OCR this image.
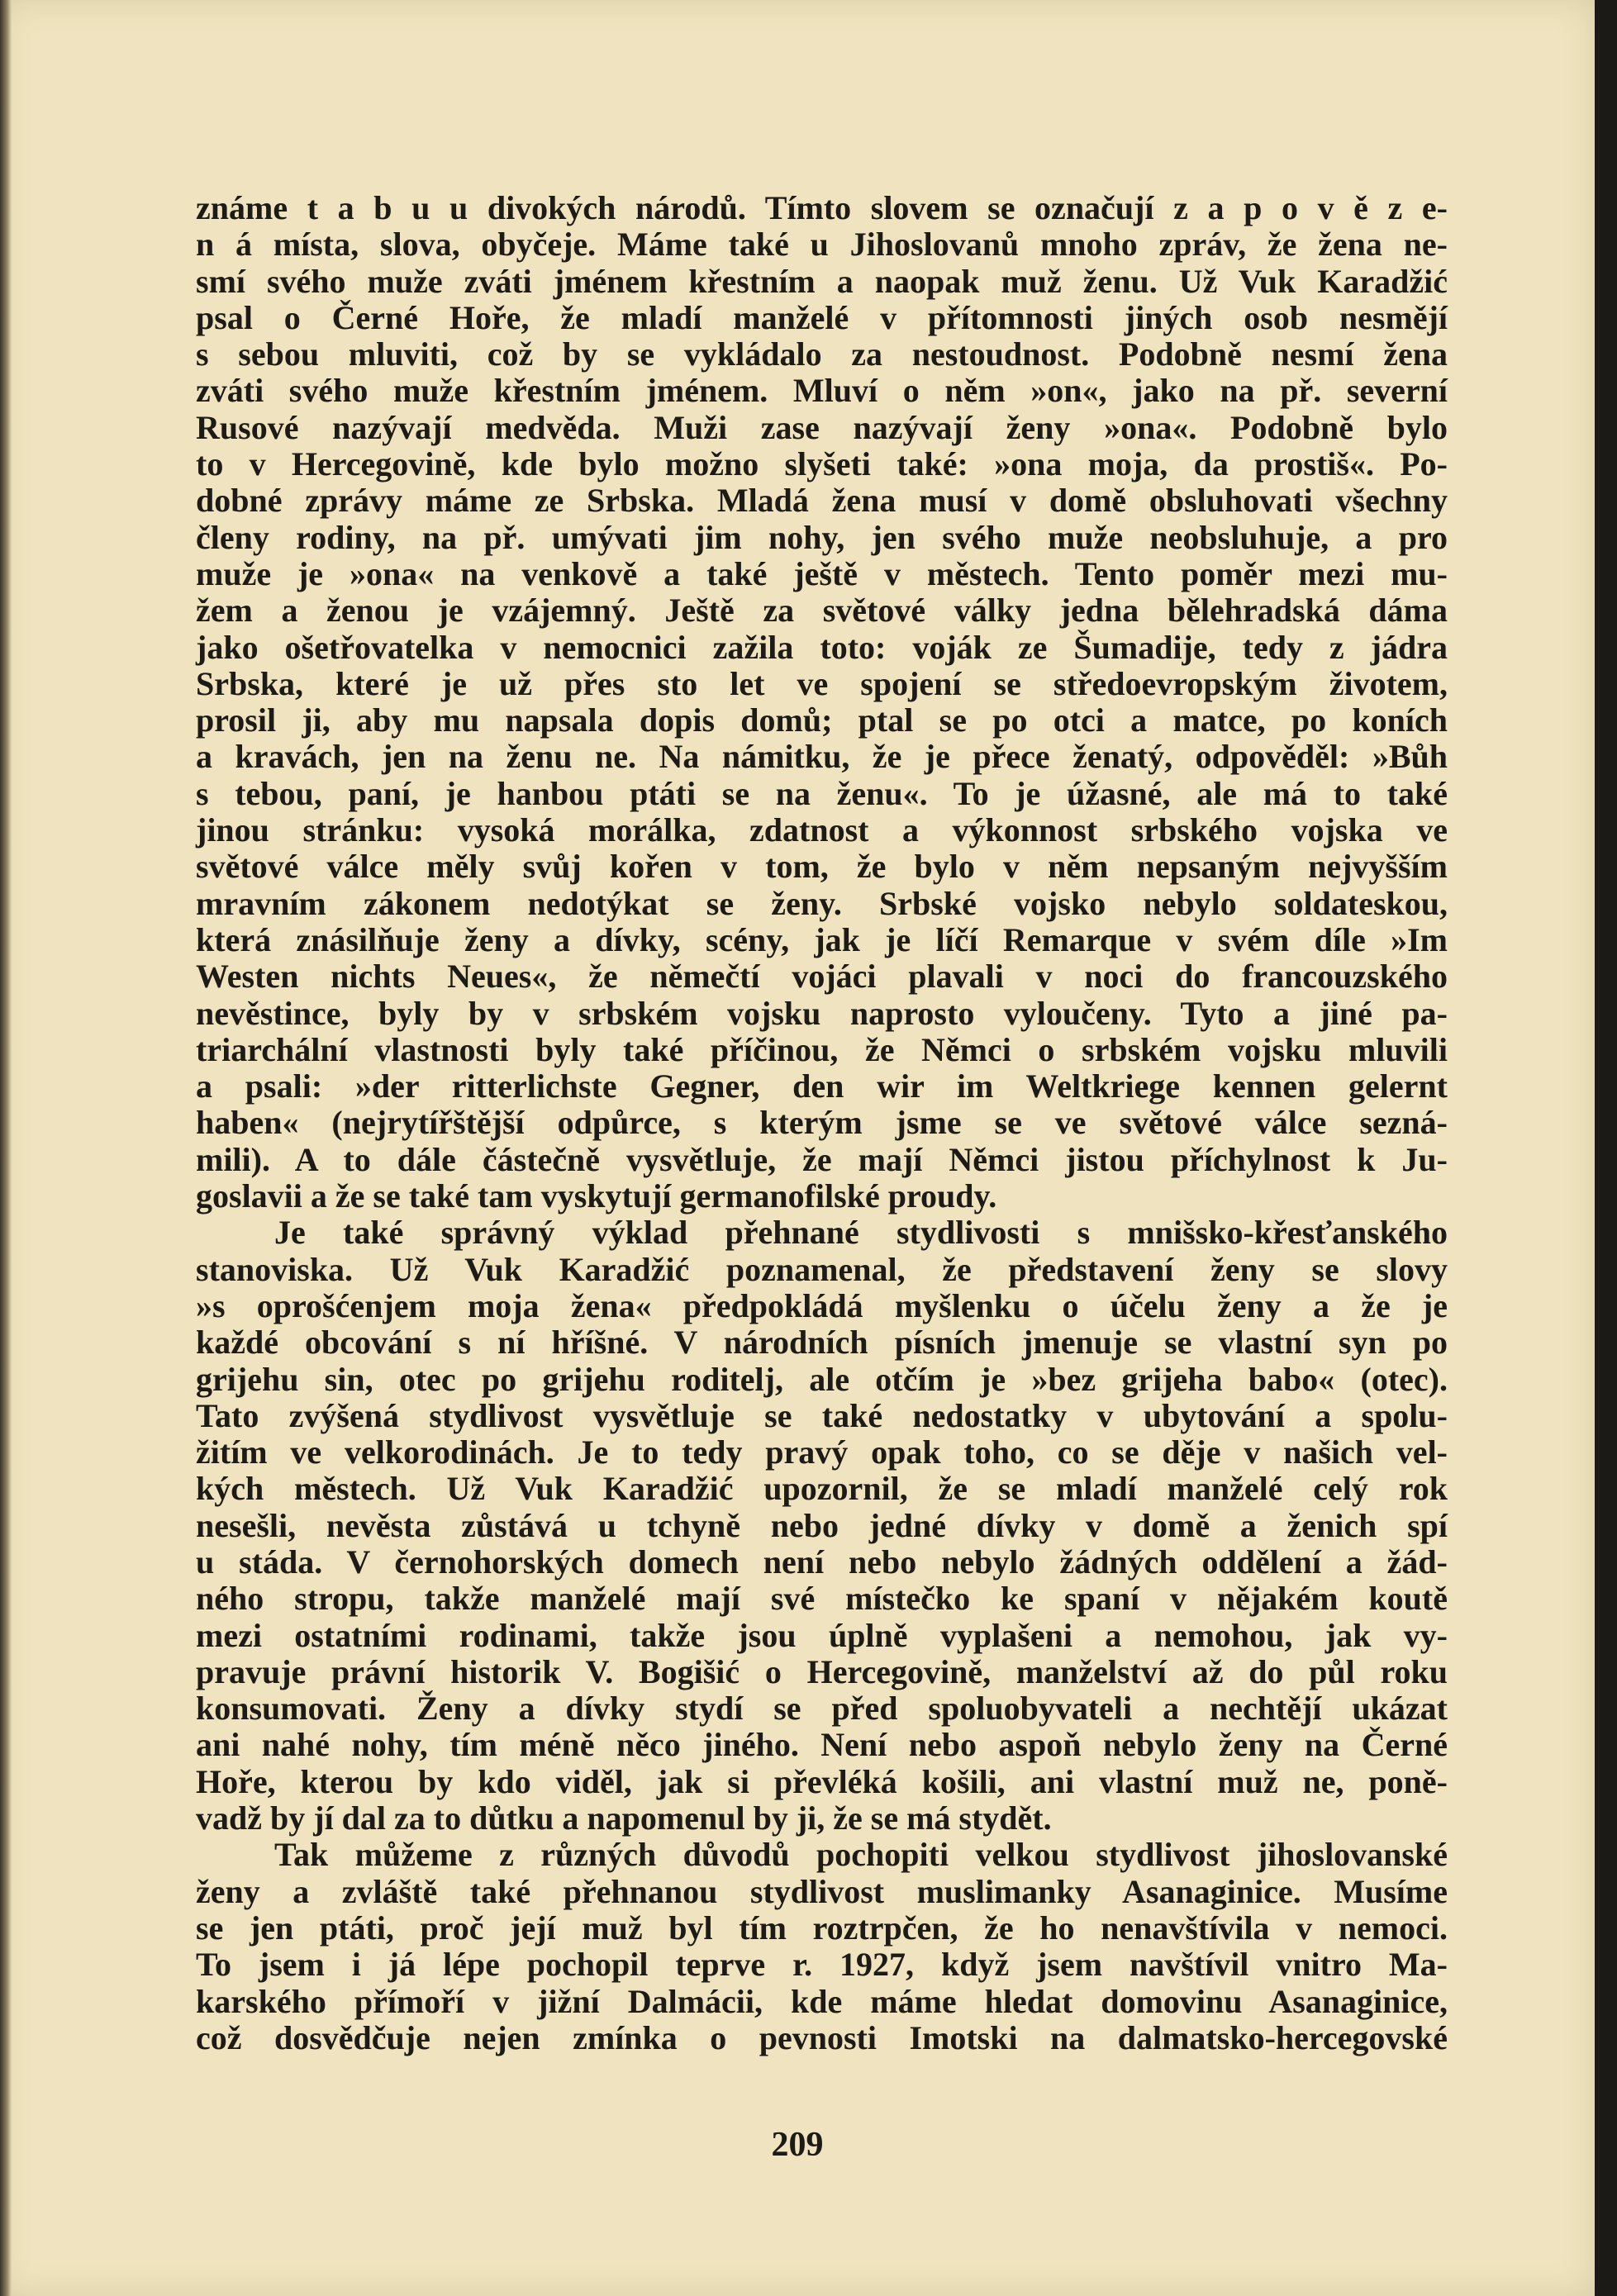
známe t a b u u divokých národů. Tímto slovem se označují z a p o v ě z e-
n á místa, slova, obyčeje. Máme také u Jihoslovanů mnoho zpráv, že žena ne-
smí svého muže zváti jménem křestním a naopak muž ženu. Už Vuk Karadžić
psal o Černé Hoře, že mladí manželé v přítomnosti jiných osob nesmějí
s sebou mluviti, což by se vykládalo za nestoudnost. Podobně nesmí žena
zváti svého muže křestním jménem. Mluví o něm »on«, jako na př. severní
Rusové nazývají medvěda. Muži zase nazývají ženy »ona«. Podobně bylo
to v Hercegovině, kde bylo možno slyšeti také: »ona moja, da prostiš«. Po-
dobné zprávy máme ze Srbska. Mladá žena musí v domě obsluhovati všechny
členy rodiny, na př. umývati jim nohy, jen svého muže neobsluhuje, a pro
muže je »ona« na venkově a také ještě v městech. Tento poměr mezi mu-
žem a ženou je vzájemný. Ještě za světové války jedna bělehradská dáma
jako ošetřovatelka v nemocnici zažila toto: voják ze Šumadije, tedy z jádra
Srbska, které je už přes sto let ve spojení se středoevropským životem,
prosil ji, aby mu napsala dopis domů; ptal se po otci a matce, po koních
a kravách, jen na ženu ne. Na námitku, že je přece ženatý, odpověděl: »Bůh
s tebou, paní, je hanbou ptáti se na ženu«. To je úžasné, ale má to také
jinou stránku: vysoká morálka, zdatnost a výkonnost srbského vojska ve
světové válce měly svůj kořen v tom, že bylo v něm nepsaným nejvyšším
mravním zákonem nedotýkat se ženy. Srbské vojsko nebylo soldateskou,
která znásilňuje ženy a dívky, scény, jak je líčí Remarque v svém díle »Im
Westen nichts Neues«, že němečtí vojáci plavali v noci do francouzského
nevěstince, byly by v srbském vojsku naprosto vyloučeny. Tyto a jiné pa-
triarchální vlastnosti byly také příčinou, že Němci o srbském vojsku mluvili
a psali: »der ritterlichste Gegner, den wir im Weltkriege kennen gelernt
haben« (nejrytířštější odpůrce, s kterým jsme se ve světové válce sezná-
mili). A to dále částečně vysvětluje, že mají Němci jistou příchylnost k Ju-
goslavii a že se také tam vyskytují germanofilské proudy.

Je také správný výklad přehnané stydlivosti s mnišsko-křesťanského
stanoviska. Už Vuk Karadžić poznamenal, že představení ženy se slovy
»s oprošćenjem moja žena« předpokládá myšlenku o účelu ženy a že je
každé obcování s ní hříšné. V národních písních jmenuje se vlastní syn po
grijehu sin, otec po grijehu roditelj, ale otčím je »bez grijeha babo« (otec).
Tato zvýšená stydlivost vysvětluje se také nedostatky v ubytování a spolu-
žitím ve velkorodinách. Je to tedy pravý opak toho, co se děje v našich vel-
kých městech. Už Vuk Karadžić upozornil, že se mladí manželé celý rok
nesešli, nevěsta zůstává u tchyně nebo jedné dívky v domě a ženich spí
u stáda. V černohorských domech není nebo nebylo žádných oddělení a žád-
ného stropu, takže manželé mají své místečko ke spaní v nějakém koutě
mezi ostatními rodinami, takže jsou úplně vyplašeni a nemohou, jak vy-
pravuje právní historik V. Bogišić o Hercegovině, manželství až do půl roku
konsumovati. Ženy a dívky stydí se před spoluobyvateli a nechtějí ukázat
ani nahé nohy, tím méně něco jiného. Není nebo aspoň nebylo ženy na Černé
Hoře, kterou by kdo viděl, jak si převléká košili, ani vlastní muž ne, poně-
vadž by jí dal za to důtku a napomenul by ji, že se má stydět.

Tak můžeme z různých důvodů pochopiti velkou stydlivost jihoslovanské
ženy a zvláště také přehnanou stydlivost muslimanky Asanaginice. Musíme
se jen ptáti, proč její muž byl tím roztrpčen, že ho nenavštívila v nemoci.
To jsem i já lépe pochopil teprve r. 1927, když jsem navštívil vnitro Ma-
karského přímoří v jižní Dalmácii, kde máme hledat domovinu Asanaginice,
což dosvědčuje nejen zmínka o pevnosti Imotski na dalmatsko-hercegovské

209
